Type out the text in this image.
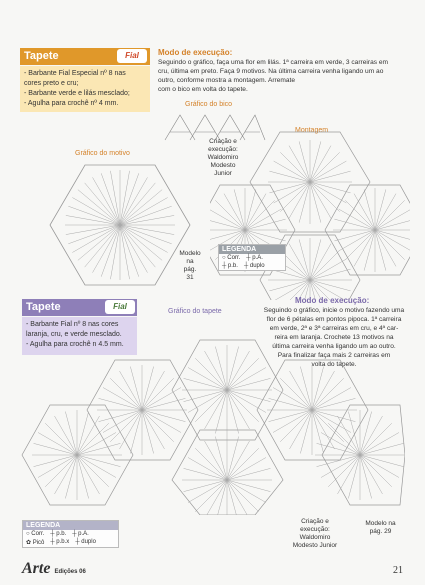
Tapete	Fial
- Barbante Fial Especial nº 8 nas
cores preto e cru;
- Barbante verde e lilás mesclado;
- Agulha para crochê nº 4 mm.
Modo de execução:
Seguindo o gráfico, faça uma flor em lilás. 1ª carreira em verde, 3 carreiras em
cru, última em preto. Faça 9 motivos. Na última carreira venha ligando um ao
outro, conforme mostra a montagem. Arremate
com o bico em volta do tapete.
Gráfico do bico
Montagem
Gráfico do motivo
Criação e
execução:
Waldomiro
Modesto
Junior
Modelo
na
pág.
31
LEGENDA
○ Corr. ┼ p.A.
┼ p.b. ┼ duplo
Tapete	Fial
- Barbante Fial nº 8 nas cores
laranja, cru, e verde mesclado.
- Agulha para crochê n 4.5 mm.
Gráfico do tapete
Modo de execução:
Seguindo o gráfico, inicie o motivo fazendo uma
flor de 6 pétalas em pontos pipoca. 1ª carreira
em verde, 2ª e 3ª carreiras em cru, e 4ª car-
reira em laranja. Crochete 13 motivos na
última carreira venha ligando um ao outro.
Para finalizar faça mais 2 carreiras em
volta do tapete.
LEGENDA
○ Corr. ┼ p.b. ┼ p.A.
✿ Picô ┼ p.b.x ┼ duplo
Criação e
execução:
Waldomiro
Modesto Junior
Modelo na
pág. 29
Arte Edições 06	21
